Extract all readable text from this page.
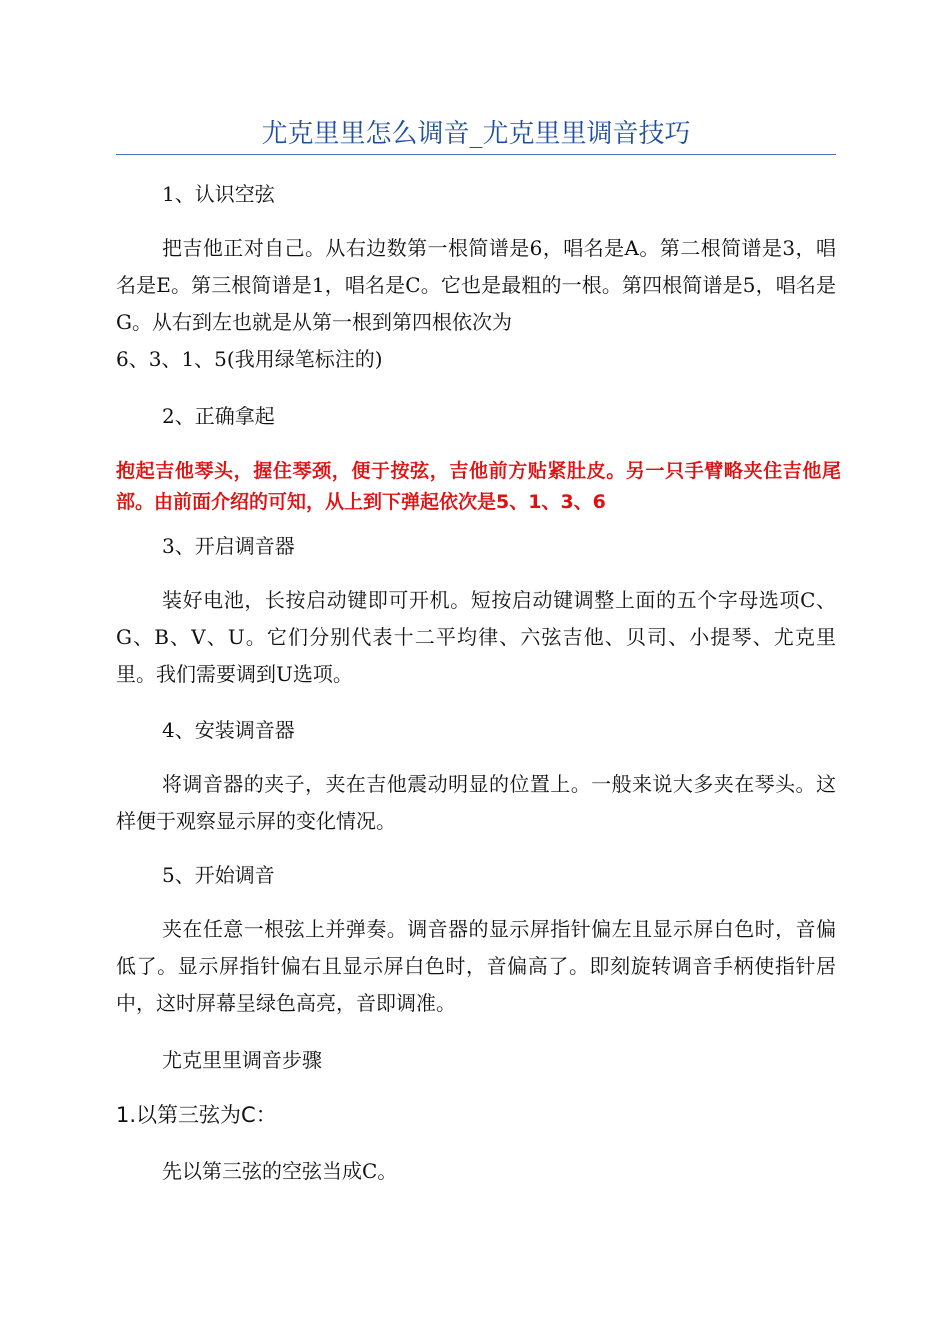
尤克里里怎么调音_尤克里里调音技巧

1、认识空弦

把吉他正对自己。从右边数第一根简谱是6，唱名是A。第二根简谱是3，唱名是E。第三根简谱是1，唱名是C。它也是最粗的一根。第四根简谱是5，唱名是G。从右到左也就是从第一根到第四根依次为
6、3、1、5(我用绿笔标注的)

2、正确拿起

抱起吉他琴头，握住琴颈，便于按弦，吉他前方贴紧肚皮。另一只手臂略夹住吉他尾部。由前面介绍的可知，从上到下弹起依次是5、1、3、6

3、开启调音器

装好电池，长按启动键即可开机。短按启动键调整上面的五个字母选项C、G、B、V、U。它们分别代表十二平均律、六弦吉他、贝司、小提琴、尤克里里。我们需要调到U选项。

4、安装调音器

将调音器的夹子，夹在吉他震动明显的位置上。一般来说大多夹在琴头。这样便于观察显示屏的变化情况。

5、开始调音

夹在任意一根弦上并弹奏。调音器的显示屏指针偏左且显示屏白色时，音偏低了。显示屏指针偏右且显示屏白色时，音偏高了。即刻旋转调音手柄使指针居中，这时屏幕呈绿色高亮，音即调准。

尤克里里调音步骤

1.以第三弦为C：

先以第三弦的空弦当成C。
